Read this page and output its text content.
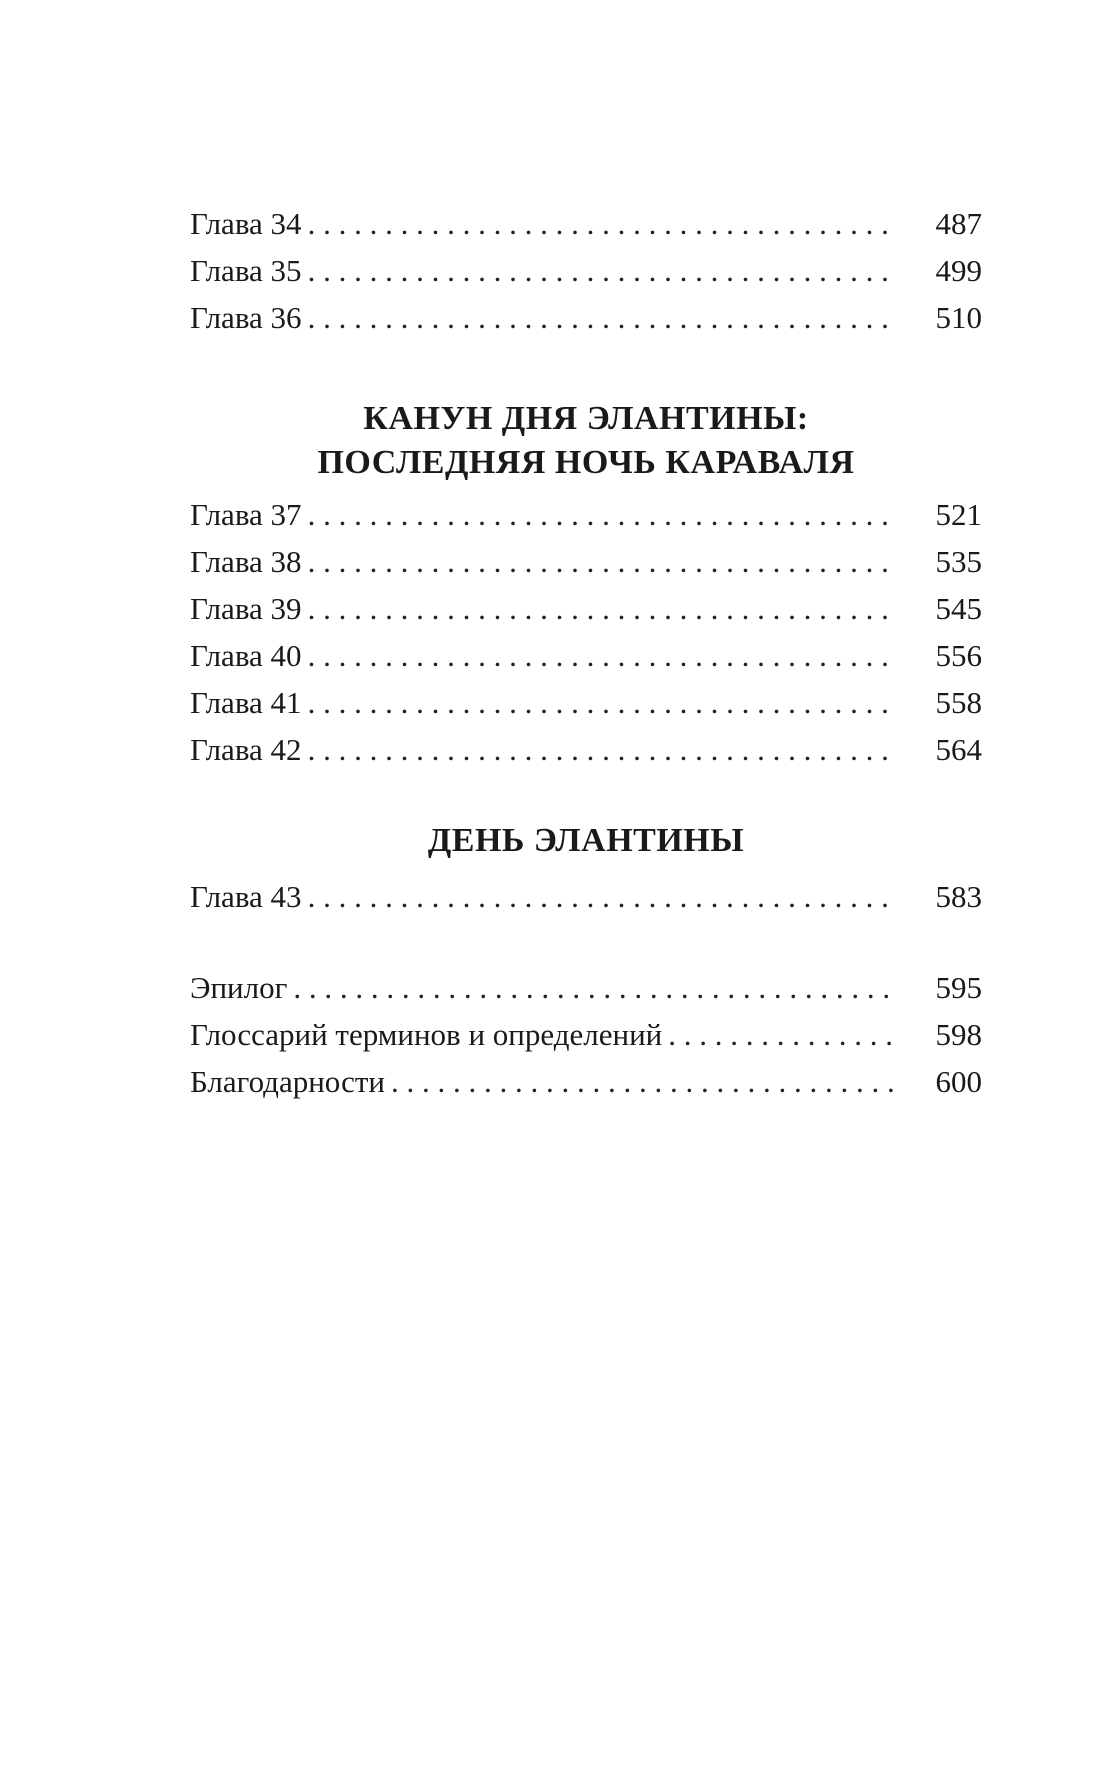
Глава 34 . . .	487
Глава 35 . . .	499
Глава 36 . . .	510
КАНУН ДНЯ ЭЛАНТИНЫ:
ПОСЛЕДНЯЯ НОЧЬ КАРАВАЛЯ
Глава 37 . . .	521
Глава 38 . . .	535
Глава 39 . . .	545
Глава 40 . . .	556
Глава 41 . . .	558
Глава 42 . . .	564
ДЕНЬ ЭЛАНТИНЫ
Глава 43 . . .	583
Эпилог . . .	595
Глоссарий терминов и определений . . .	598
Благодарности . . .	600
